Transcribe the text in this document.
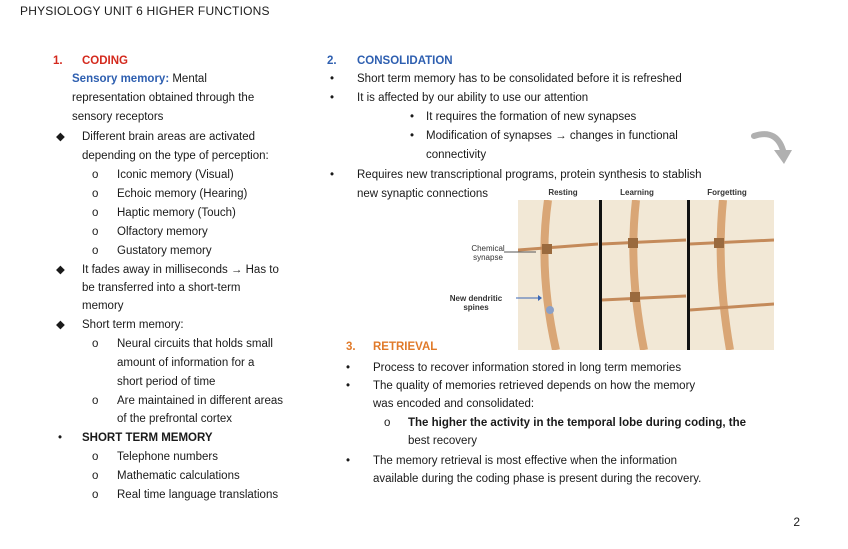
PHYSIOLOGY UNIT 6 HIGHER FUNCTIONS
1. CODING
Sensory memory: Mental
representation obtained through the
sensory receptors
◆ Different brain areas are activated
depending on the type of perception:
o Iconic memory (Visual)
o Echoic memory (Hearing)
o Haptic memory (Touch)
o Olfactory memory
o Gustatory memory
◆ It fades away in milliseconds → Has to
be transferred into a short-term
memory
◆ Short term memory:
o Neural circuits that holds small
amount of information for a
short period of time
o Are maintained in different areas
of the prefrontal cortex
• SHORT TERM MEMORY
o Telephone numbers
o Mathematic calculations
o Real time language translations
2. CONSOLIDATION
• Short term memory has to be consolidated before it is refreshed
• It is affected by our ability to use our attention
• It requires the formation of new synapses
• Modification of synapses → changes in functional
connectivity
• Requires new transcriptional programs, protein synthesis to stablish
new synaptic connections	Resting	Learning	Forgetting
Chemical synapse
New dendritic spines
3. RETRIEVAL
• Process to recover information stored in long term memories
• The quality of memories retrieved depends on how the memory
was encoded and consolidated:
o The higher the activity in the temporal lobe during coding, the
best recovery
• The memory retrieval is most effective when the information
available during the coding phase is present during the recovery.
2
